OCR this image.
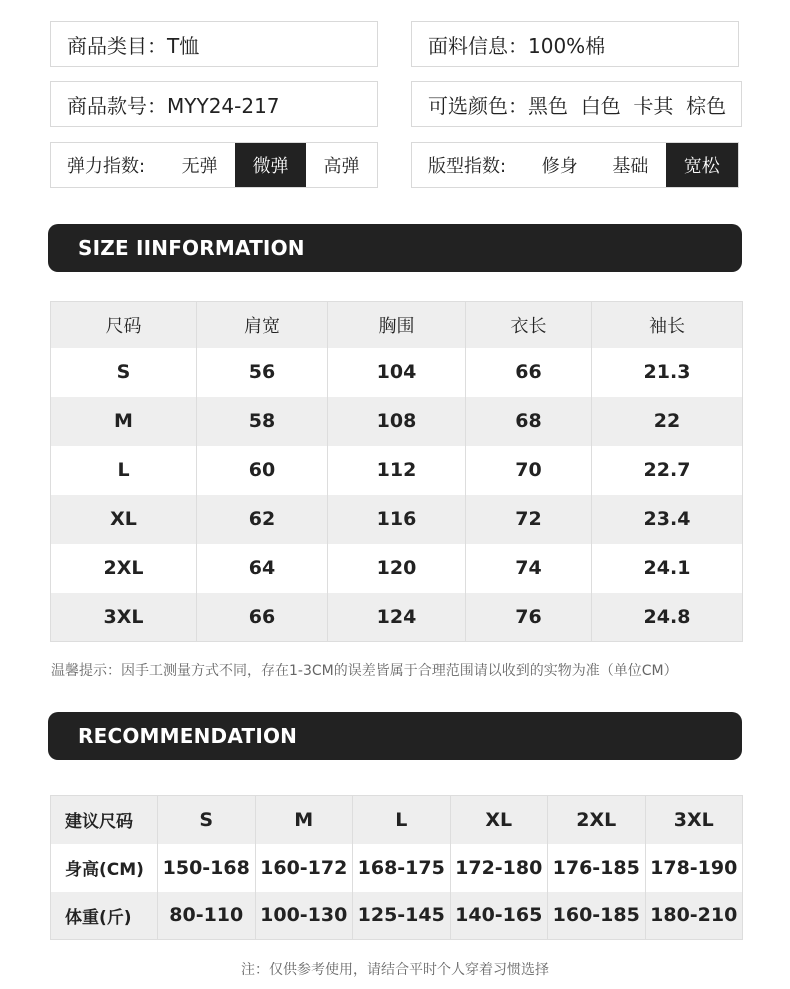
商品类目：T恤	面料信息：100%棉
商品款号：MYY24-217	可选颜色：黑色  白色  卡其  棕色
弹力指数:	无弹	微弹	高弹	版型指数:	修身	基础	宽松
SIZE IINFORMATION
尺码	肩宽	胸围	衣长	袖长
S	56	104	66	21.3
M	58	108	68	22
L	60	112	70	22.7
XL	62	116	72	23.4
2XL	64	120	74	24.1
3XL	66	124	76	24.8
温馨提示：因手工测量方式不同，存在1-3CM的误差皆属于合理范围请以收到的实物为准（单位CM）
RECOMMENDATION
建议尺码	S	M	L	XL	2XL	3XL
身高(CM)	150-168	160-172	168-175	172-180	176-185	178-190
体重(斤)	80-110	100-130	125-145	140-165	160-185	180-210
注：仅供参考使用，请结合平时个人穿着习惯选择
